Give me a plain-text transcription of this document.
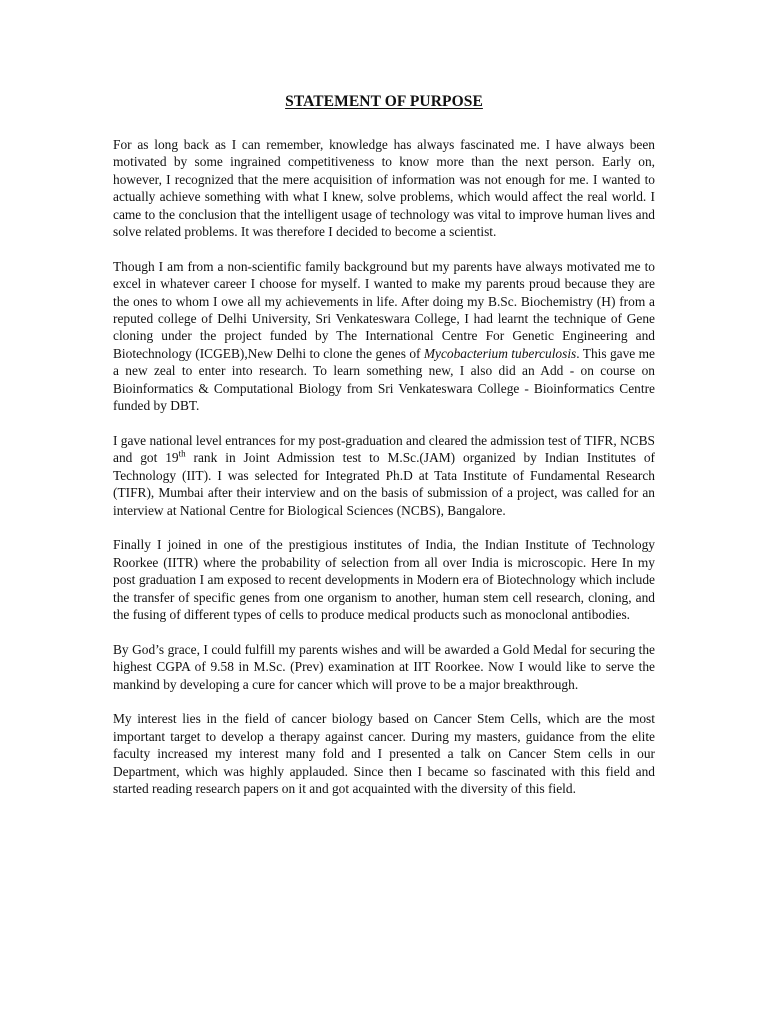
STATEMENT OF PURPOSE

For as long back as I can remember, knowledge has always fascinated me. I have always been motivated by some ingrained competitiveness to know more than the next person. Early on, however, I recognized that the mere acquisition of information was not enough for me. I wanted to actually achieve something with what I knew, solve problems, which would affect the real world. I came to the conclusion that the intelligent usage of technology was vital to improve human lives and solve related problems. It was therefore I decided to become a scientist.

Though I am from a non-scientific family background but my parents have always motivated me to excel in whatever career I choose for myself. I wanted to make my parents proud because they are the ones to whom I owe all my achievements in life. After doing my B.Sc. Biochemistry (H) from a reputed college of Delhi University, Sri Venkateswara College, I had learnt the technique of Gene cloning under the project funded by The International Centre For Genetic Engineering and Biotechnology (ICGEB),New Delhi to clone the genes of Mycobacterium tuberculosis. This gave me a new zeal to enter into research. To learn something new, I also did an Add - on course on Bioinformatics & Computational Biology from Sri Venkateswara College - Bioinformatics Centre funded by DBT.

I gave national level entrances for my post-graduation and cleared the admission test of TIFR, NCBS and got 19th rank in Joint Admission test to M.Sc.(JAM) organized by Indian Institutes of Technology (IIT). I was selected for Integrated Ph.D at Tata Institute of Fundamental Research (TIFR), Mumbai after their interview and on the basis of submission of a project, was called for an interview at National Centre for Biological Sciences (NCBS), Bangalore.

Finally I joined in one of the prestigious institutes of India, the Indian Institute of Technology Roorkee (IITR) where the probability of selection from all over India is microscopic. Here In my post graduation I am exposed to recent developments in Modern era of Biotechnology which include the transfer of specific genes from one organism to another, human stem cell research, cloning, and the fusing of different types of cells to produce medical products such as monoclonal antibodies.

By God’s grace, I could fulfill my parents wishes and will be awarded a Gold Medal for securing the highest CGPA of 9.58 in M.Sc. (Prev) examination at IIT Roorkee. Now I would like to serve the mankind by developing a cure for cancer which will prove to be a major breakthrough.

My interest lies in the field of cancer biology based on Cancer Stem Cells, which are the most important target to develop a therapy against cancer. During my masters, guidance from the elite faculty increased my interest many fold and I presented a talk on Cancer Stem cells in our Department, which was highly applauded. Since then I became so fascinated with this field and started reading research papers on it and got acquainted with the diversity of this field.
